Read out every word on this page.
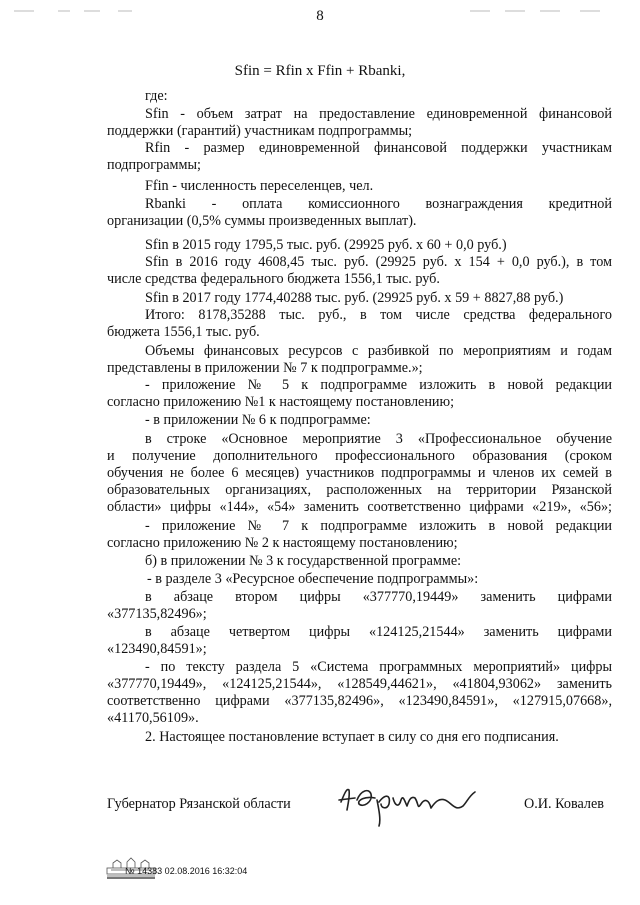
8
Sfin = Rfin x Ffin + Rbanki,
где:
Sfin - объем затрат на предоставление единовременной финансовой
поддержки (гарантий) участникам подпрограммы;
Rfin - размер единовременной финансовой поддержки участникам
подпрограммы;
Ffin - численность переселенцев, чел.
Rbanki - оплата комиссионного вознаграждения кредитной
организации (0,5% суммы произведенных выплат).
Sfin в 2015 году 1795,5 тыс. руб. (29925 руб. х 60 + 0,0 руб.)
Sfin в 2016 году 4608,45 тыс. руб. (29925 руб. х 154 + 0,0 руб.), в том
числе средства федерального бюджета 1556,1 тыс. руб.
Sfin в 2017 году 1774,40288 тыс. руб. (29925 руб. х 59 + 8827,88 руб.)
Итого: 8178,35288 тыс. руб., в том числе средства федерального
бюджета 1556,1 тыс. руб.
Объемы финансовых ресурсов с разбивкой по мероприятиям и годам
представлены в приложении № 7 к подпрограмме.»;
- приложение № 5 к подпрограмме изложить в новой редакции
согласно приложению №1 к настоящему постановлению;
- в приложении № 6 к подпрограмме:
в строке «Основное мероприятие 3 «Профессиональное обучение
и получение дополнительного профессионального образования (сроком
обучения не более 6 месяцев) участников подпрограммы и членов их семей в
образовательных организациях, расположенных на территории Рязанской
области» цифры «144», «54» заменить соответственно цифрами «219», «56»;
- приложение № 7 к подпрограмме изложить в новой редакции
согласно приложению № 2 к настоящему постановлению;
б) в приложении № 3 к государственной программе:
- в разделе 3 «Ресурсное обеспечение подпрограммы»:
в абзаце втором цифры «377770,19449» заменить цифрами
«377135,82496»;
в абзаце четвертом цифры «124125,21544» заменить цифрами
«123490,84591»;
- по тексту раздела 5 «Система программных мероприятий» цифры
«377770,19449», «124125,21544», «128549,44621», «41804,93062» заменить
соответственно цифрами «377135,82496», «123490,84591», «127915,07668»,
«41170,56109».
2. Настоящее постановление вступает в силу со дня его подписания.
Губернатор Рязанской области	О.И. Ковалев
№ 14383 02.08.2016 16:32:04
